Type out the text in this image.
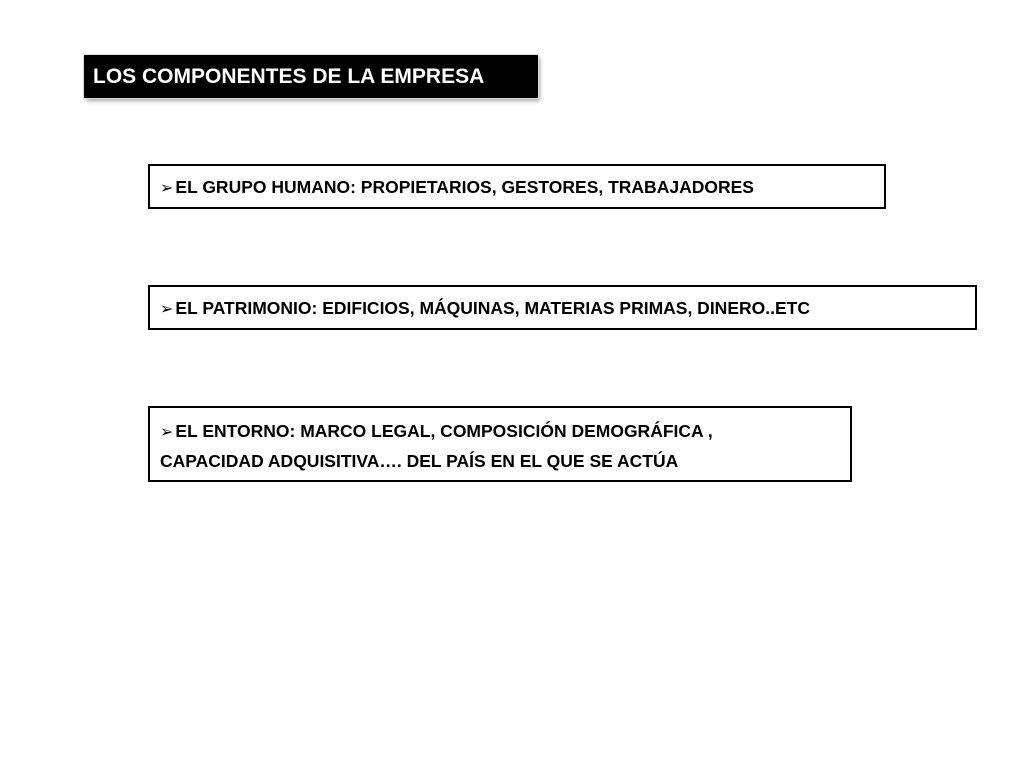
LOS COMPONENTES DE LA EMPRESA
➢ EL GRUPO HUMANO: PROPIETARIOS, GESTORES, TRABAJADORES
➢ EL PATRIMONIO: EDIFICIOS, MÁQUINAS, MATERIAS PRIMAS, DINERO..ETC
➢ EL ENTORNO: MARCO LEGAL, COMPOSICIÓN DEMOGRÁFICA ,
CAPACIDAD ADQUISITIVA…. DEL PAÍS EN EL QUE SE ACTÚA
